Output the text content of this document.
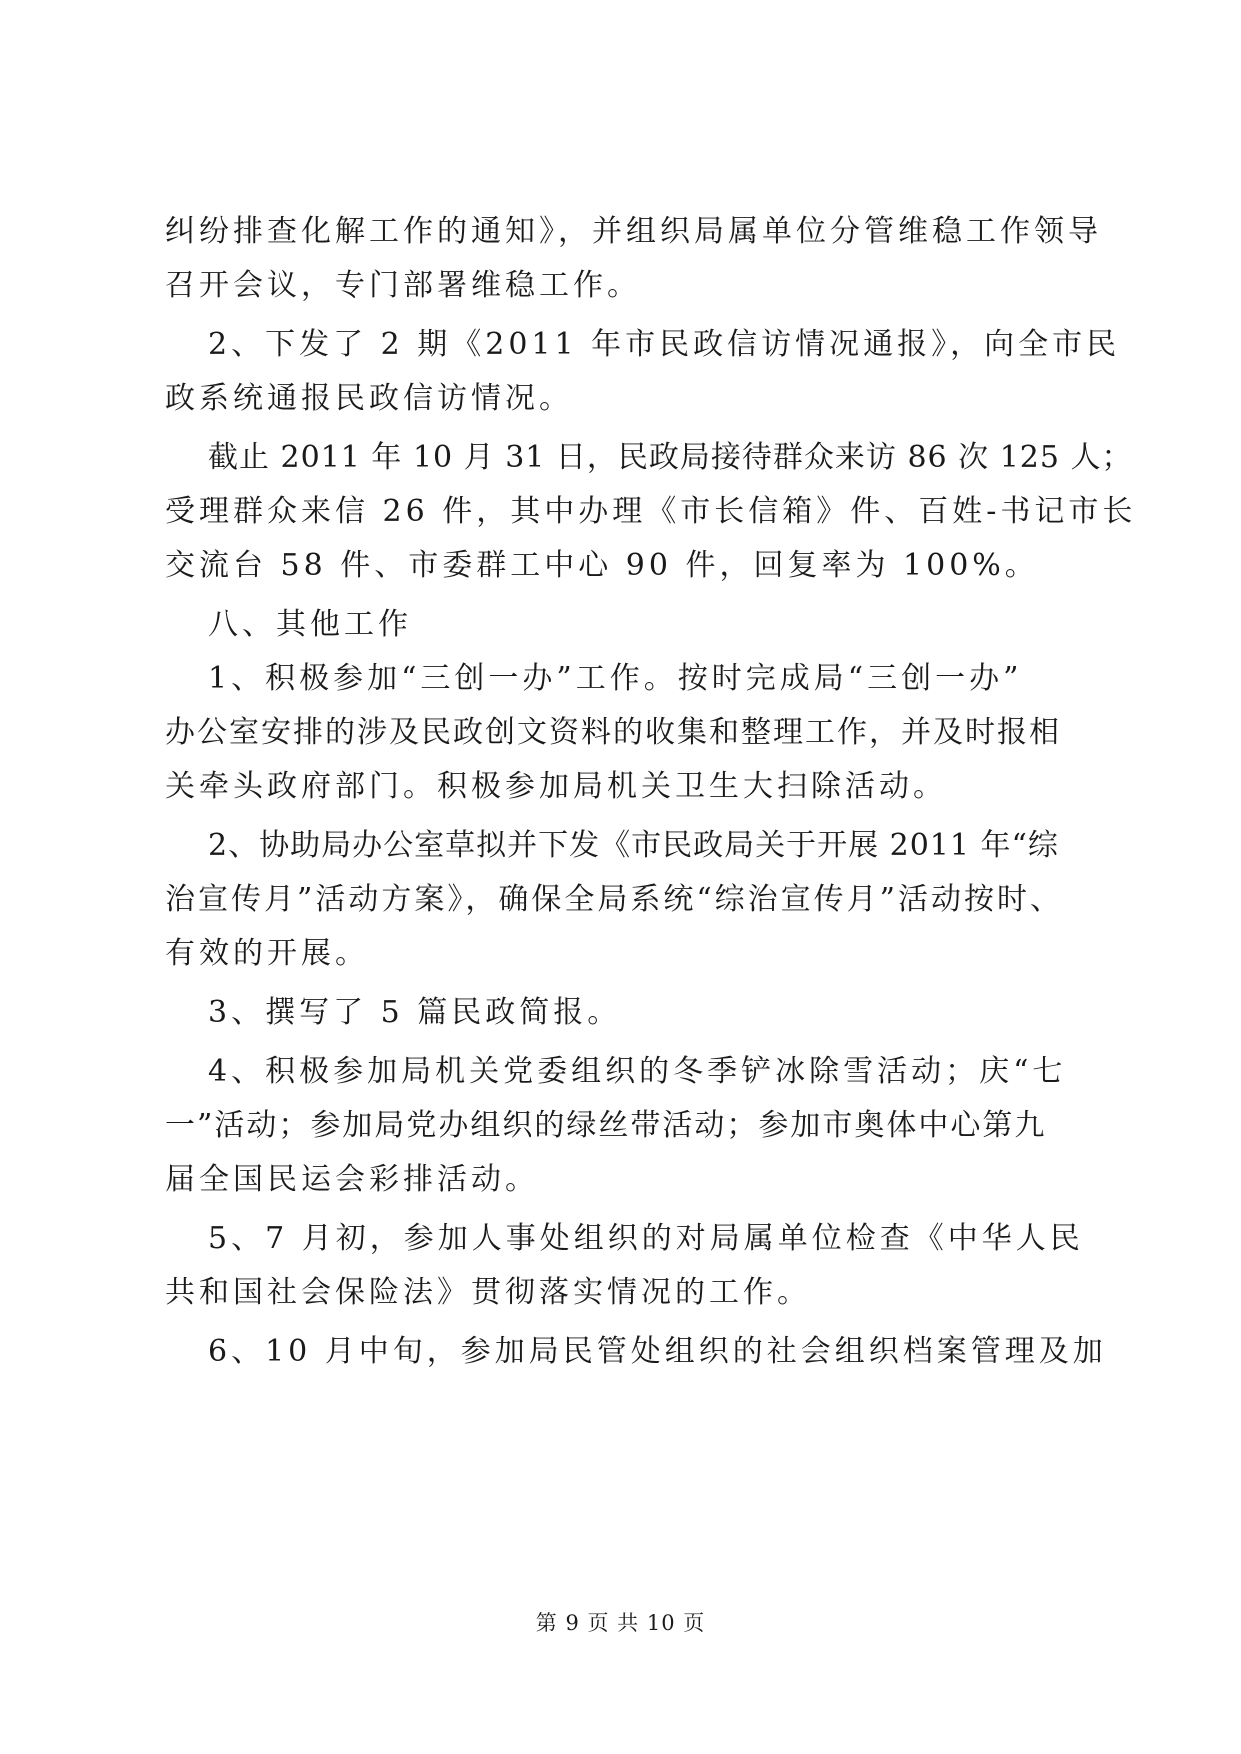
纠纷排查化解工作的通知》，并组织局属单位分管维稳工作领导
召开会议，专门部署维稳工作。
2、下发了 2 期《2011 年市民政信访情况通报》，向全市民
政系统通报民政信访情况。
截止 2011 年 10 月 31 日，民政局接待群众来访 86 次 125 人；
受理群众来信 26 件，其中办理《市长信箱》件、百姓-书记市长
交流台 58 件、市委群工中心 90 件，回复率为 100%。
八、其他工作
1、积极参加“三创一办”工作。按时完成局“三创一办”
办公室安排的涉及民政创文资料的收集和整理工作，并及时报相
关牵头政府部门。积极参加局机关卫生大扫除活动。
2、协助局办公室草拟并下发《市民政局关于开展 2011 年“综
治宣传月”活动方案》，确保全局系统“综治宣传月”活动按时、
有效的开展。
3、撰写了 5 篇民政简报。
4、积极参加局机关党委组织的冬季铲冰除雪活动；庆“七
一”活动；参加局党办组织的绿丝带活动；参加市奥体中心第九
届全国民运会彩排活动。
5、7 月初，参加人事处组织的对局属单位检查《中华人民
共和国社会保险法》贯彻落实情况的工作。
6、10 月中旬，参加局民管处组织的社会组织档案管理及加
第 9 页 共 10 页
